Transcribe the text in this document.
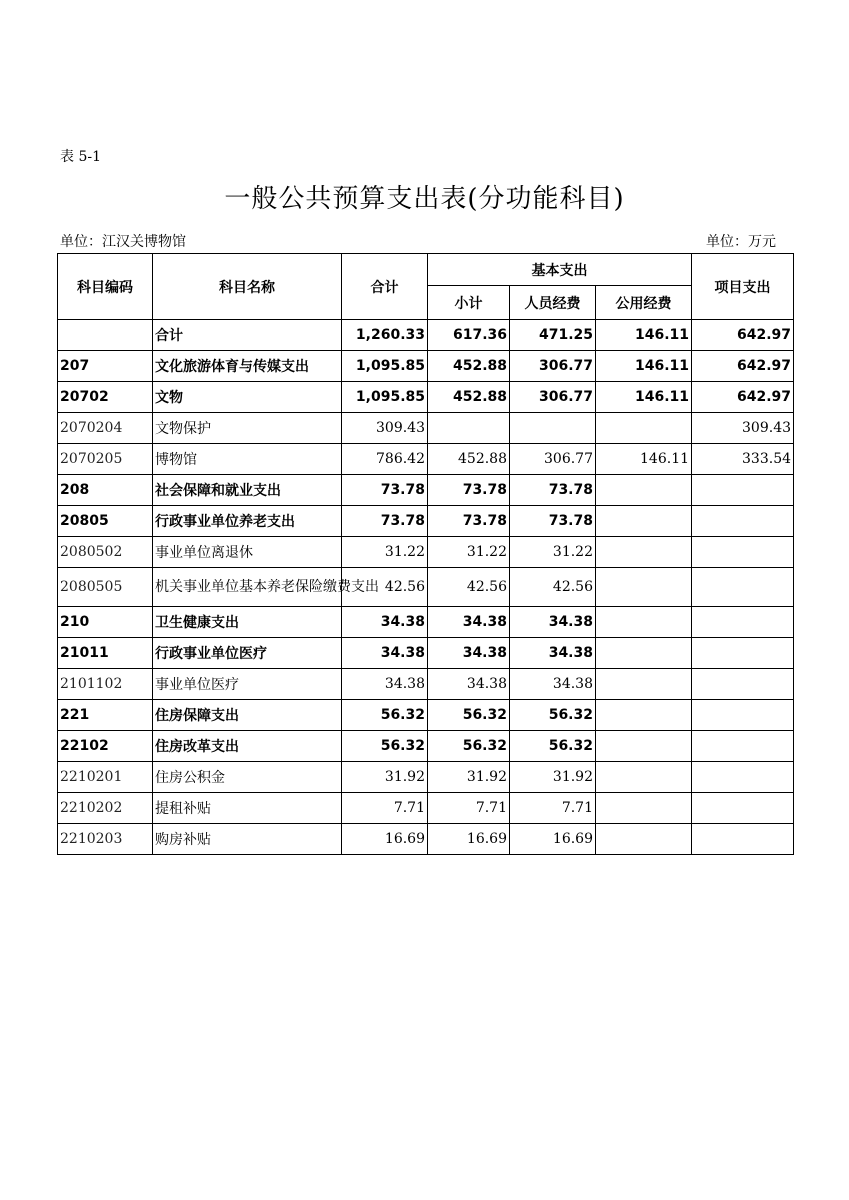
表 5-1
一般公共预算支出表(分功能科目)
单位：江汉关博物馆	单位：万元
科目编码	科目名称	合计	基本支出			项目支出
			小计	人员经费	公用经费	
	合计	1,260.33	617.36	471.25	146.11	642.97
207	文化旅游体育与传媒支出	1,095.85	452.88	306.77	146.11	642.97
20702	文物	1,095.85	452.88	306.77	146.11	642.97
2070204	文物保护	309.43				309.43
2070205	博物馆	786.42	452.88	306.77	146.11	333.54
208	社会保障和就业支出	73.78	73.78	73.78		
20805	行政事业单位养老支出	73.78	73.78	73.78		
2080502	事业单位离退休	31.22	31.22	31.22		
2080505	机关事业单位基本养老保险缴费支出	42.56	42.56	42.56		
210	卫生健康支出	34.38	34.38	34.38		
21011	行政事业单位医疗	34.38	34.38	34.38		
2101102	事业单位医疗	34.38	34.38	34.38		
221	住房保障支出	56.32	56.32	56.32		
22102	住房改革支出	56.32	56.32	56.32		
2210201	住房公积金	31.92	31.92	31.92		
2210202	提租补贴	7.71	7.71	7.71		
2210203	购房补贴	16.69	16.69	16.69		
